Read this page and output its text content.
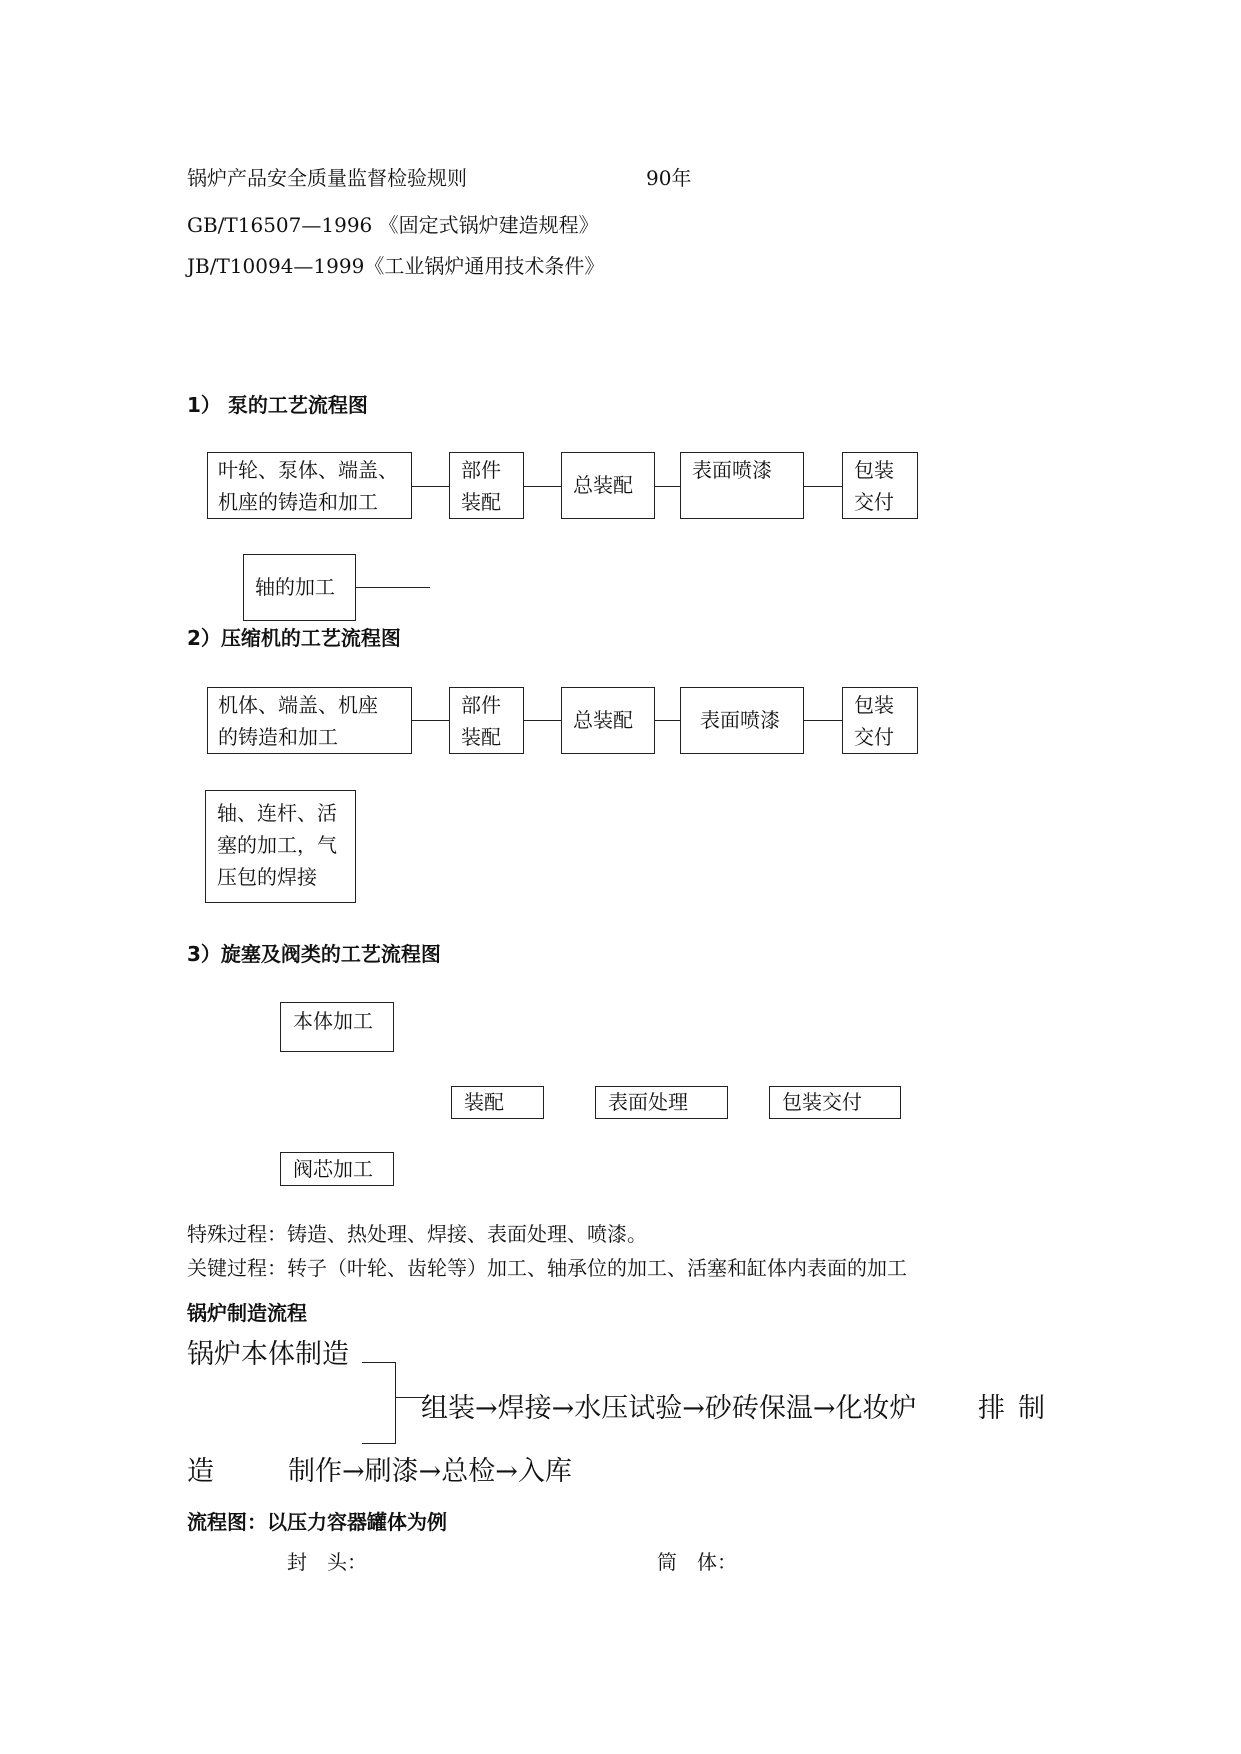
锅炉产品安全质量监督检验规则	90年
GB/T16507—1996 《固定式锅炉建造规程》
JB/T10094—1999《工业锅炉通用技术条件》
1） 泵的工艺流程图
叶轮、泵体、端盖、
机座的铸造和加工
部件
装配
总装配
表面喷漆	包装
交付
轴的加工
2）压缩机的工艺流程图
机体、端盖、机座
的铸造和加工
部件
装配
总装配	表面喷漆
包装
交付
轴、连杆、活
塞的加工，气
压包的焊接
3）旋塞及阀类的工艺流程图
本体加工
装配	表面处理	包装交付
阀芯加工
特殊过程：铸造、热处理、焊接、表面处理、喷漆。
关键过程：转子（叶轮、齿轮等）加工、轴承位的加工、活塞和缸体内表面的加工
锅炉制造流程
锅炉本体制造
组装→焊接→水压试验→砂砖保温→化妆炉 排 制
造	制作→刷漆→总检→入库
流程图：以压力容器罐体为例
封　头：	筒　体：
